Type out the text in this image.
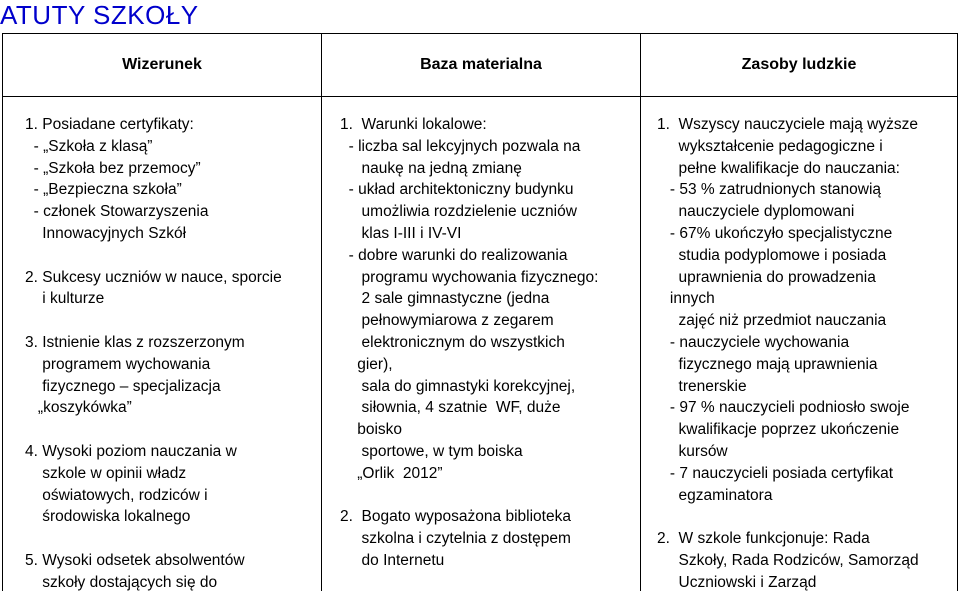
ATUTY SZKOŁY
Wizerunek	Baza materialna	Zasoby ludzkie
1. Posiadane certyfikaty:
- „Szkoła z klasą”
- „Szkoła bez przemocy”
- „Bezpieczna szkoła”
- członek Stowarzyszenia
Innowacyjnych Szkół

2. Sukcesy uczniów w nauce, sporcie
i kulturze

3. Istnienie klas z rozszerzonym
programem wychowania
fizycznego – specjalizacja
„koszykówka”

4. Wysoki poziom nauczania w
szkole w opinii władz
oświatowych, rodziców i
środowiska lokalnego

5. Wysoki odsetek absolwentów
szkoły dostających się do
1.  Warunki lokalowe:
- liczba sal lekcyjnych pozwala na
naukę na jedną zmianę
- układ architektoniczny budynku
umożliwia rozdzielenie uczniów
klas I-III i IV-VI
- dobre warunki do realizowania
programu wychowania fizycznego:
2 sale gimnastyczne (jedna
pełnowymiarowa z zegarem
elektronicznym do wszystkich
gier),
sala do gimnastyki korekcyjnej,
siłownia, 4 szatnie  WF, duże
boisko
sportowe, w tym boiska
„Orlik  2012”

2.  Bogato wyposażona biblioteka
szkolna i czytelnia z dostępem
do Internetu
1.  Wszyscy nauczyciele mają wyższe
wykształcenie pedagogiczne i
pełne kwalifikacje do nauczania:
- 53 % zatrudnionych stanowią
nauczyciele dyplomowani
- 67% ukończyło specjalistyczne
studia podyplomowe i posiada
uprawnienia do prowadzenia
innych
zajęć niż przedmiot nauczania
- nauczyciele wychowania
fizycznego mają uprawnienia
trenerskie
- 97 % nauczycieli podniosło swoje
kwalifikacje poprzez ukończenie
kursów
- 7 nauczycieli posiada certyfikat
egzaminatora

2.  W szkole funkcjonuje: Rada
Szkoły, Rada Rodziców, Samorząd
Uczniowski i Zarząd
